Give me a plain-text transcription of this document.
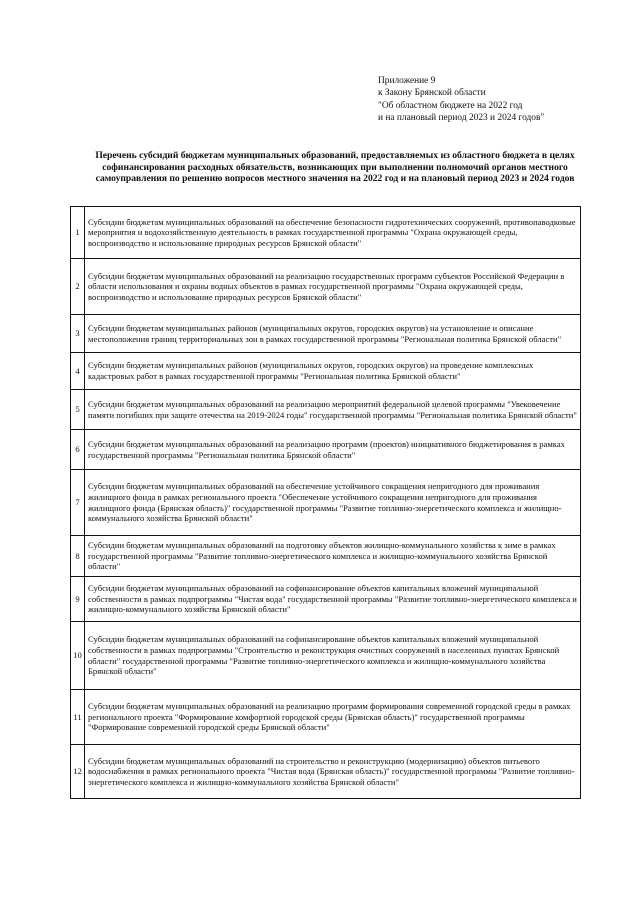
Приложение 9
к Закону Брянской области
"Об областном бюджете на 2022 год
и на плановый период 2023 и 2024 годов"
Перечень субсидий бюджетам муниципальных образований, предоставляемых из областного бюджета в целях софинансирования расходных обязательств, возникающих при выполнении полномочий органов местного самоуправления по решению вопросов местного значения на 2022 год и на плановый период 2023 и 2024 годов
1	Субсидии бюджетам муниципальных образований на обеспечение безопасности гидротехнических сооружений, противопаводковые мероприятия и водохозяйственную деятельность в рамках государственной программы "Охрана окружающей среды, воспроизводство и использование природных ресурсов Брянской области"
2	Субсидии бюджетам муниципальных образований на реализацию государственных программ субъектов Российской Федерации в области использования и охраны водных объектов в рамках государственной программы "Охрана окружающей среды, воспроизводство и использование природных ресурсов Брянской области"
3	Субсидии бюджетам муниципальных районов (муниципальных округов, городских округов) на установление и описание местоположения границ территориальных зон в рамках государственной программы "Региональная политика Брянской области"
4	Субсидии бюджетам муниципальных районов (муниципальных округов, городских округов) на проведение комплексных кадастровых работ в рамках государственной программы "Региональная политика Брянской области"
5	Субсидии бюджетам муниципальных образований на реализацию мероприятий федеральной целевой программы "Увековечение памяти погибших при защите отечества на 2019-2024 годы" государственной программы "Региональная политика Брянской области"
6	Субсидии бюджетам муниципальных образований на реализацию программ (проектов) инициативного бюджетирования в рамках государственной программы "Региональная политика Брянской области"
7	Субсидии бюджетам муниципальных образований на обеспечение устойчивого сокращения непригодного для проживания жилищного фонда в рамках регионального проекта "Обеспечение устойчивого сокращения непригодного для проживания жилищного фонда (Брянская область)" государственной программы "Развитие топливно-энергетического комплекса и жилищно-коммунального хозяйства Брянской области"
8	Субсидии бюджетам муниципальных образований на подготовку объектов жилищно-коммунального хозяйства к зиме в рамках государственной программы "Развитие топливно-энергетического комплекса и жилищно-коммунального хозяйства Брянской области"
9	Субсидии бюджетам муниципальных образований на софинансирование объектов капитальных вложений муниципальной собственности в рамках подпрограммы "Чистая вода" государственной программы "Развитие топливно-энергетического комплекса и жилищно-коммунального хозяйства Брянской области"
10	Субсидии бюджетам муниципальных образований на софинансирование объектов капитальных вложений муниципальной собственности в рамках подпрограммы "Строительство и реконструкция очистных сооружений в населенных пунктах Брянской области" государственной программы "Развитие топливно-энергетического комплекса и жилищно-коммунального хозяйства Брянской области"
11	Субсидии бюджетам муниципальных образований на реализацию программ формирования современной городской среды в рамках регионального проекта "Формирование комфортной городской среды (Брянская область)" государственной программы "Формирование современной городской среды Брянской области"
12	Субсидии бюджетам муниципальных образований на строительство и реконструкцию (модернизацию) объектов питьевого водоснабжения в рамках регионального проекта "Чистая вода (Брянская область)" государственной программы "Развитие топливно-энергетического комплекса и жилищно-коммунального хозяйства Брянской области"
